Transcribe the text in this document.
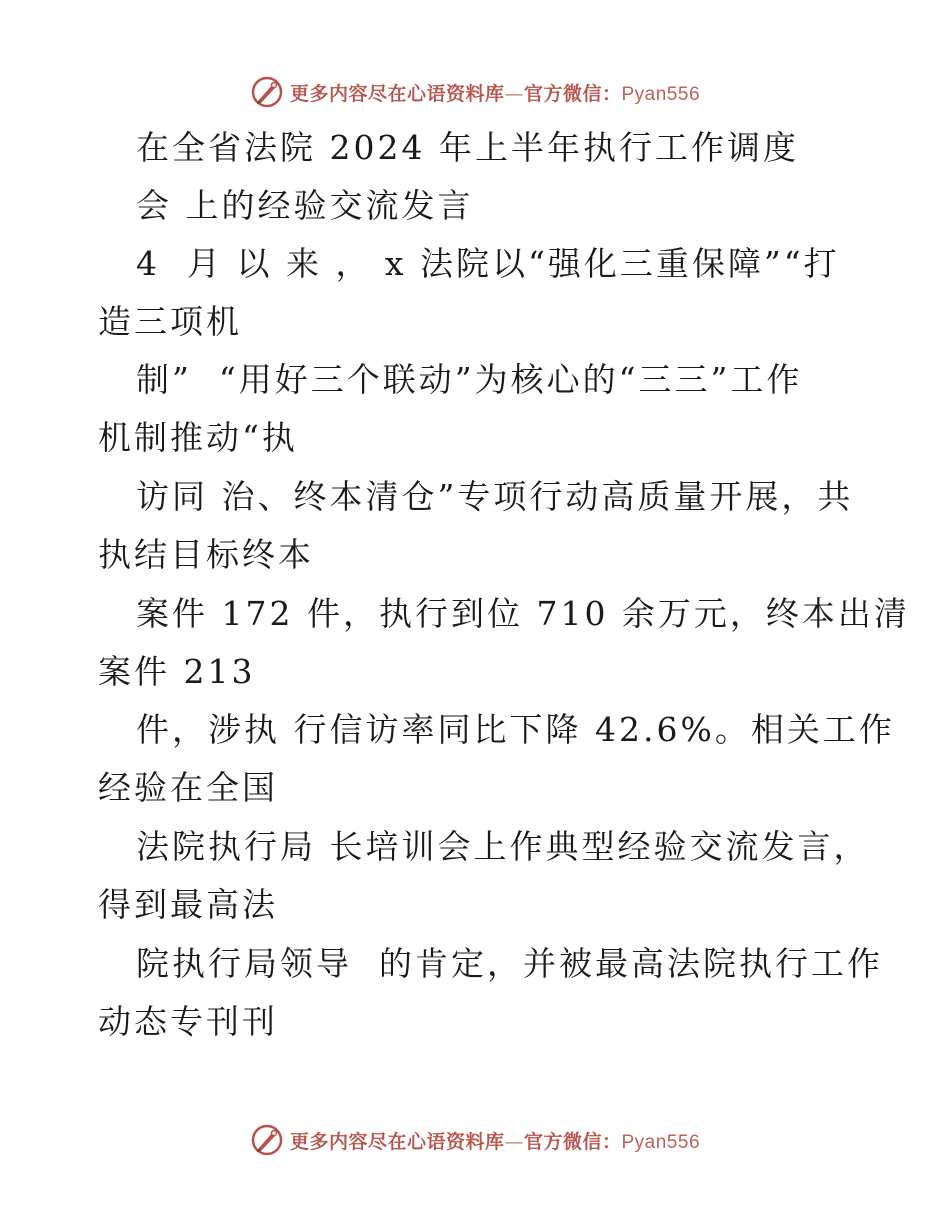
更多内容尽在心语资料库—官方微信：Pyan556
在全省法院 2024 年上半年执行工作调度
会 上的经验交流发言
4  月 以 来 ， x 法院以“强化三重保障”“打
造三项机
制”  “用好三个联动”为核心的“三三”工作
机制推动“执
访同 治、终本清仓”专项行动高质量开展，共
执结目标终本
案件 172 件，执行到位 710 余万元，终本出清
案件 213
件，涉执 行信访率同比下降 42.6%。相关工作
经验在全国
法院执行局 长培训会上作典型经验交流发言，
得到最高法
院执行局领导  的肯定，并被最高法院执行工作
动态专刊刊
更多内容尽在心语资料库—官方微信：Pyan556
